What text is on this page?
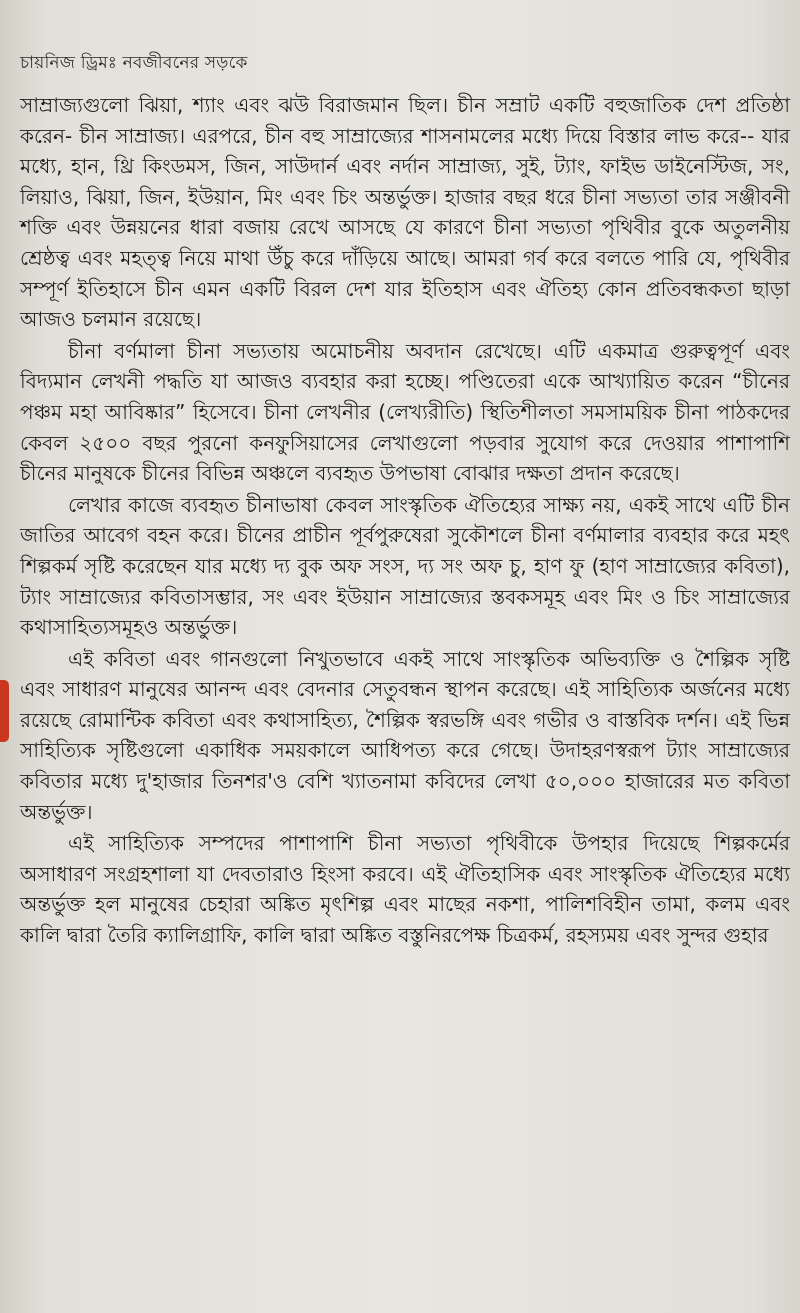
চায়নিজ ড্রিমঃ নবজীবনের সড়কে

সাম্রাজ্যগুলো ঝিয়া, শ্যাং এবং ঝউ বিরাজমান ছিল। চীন সম্রাট একটি বহুজাতিক দেশ প্রতিষ্ঠা করেন- চীন সাম্রাজ্য। এরপরে, চীন বহু সাম্রাজ্যের শাসনামলের মধ্যে দিয়ে বিস্তার লাভ করে-- যার মধ্যে, হান, থ্রি কিংডমস, জিন, সাউদার্ন এবং নর্দান সাম্রাজ্য, সুই, ট্যাং, ফাইভ ডাইনেস্টিজ, সং, লিয়াও, ঝিয়া, জিন, ইউয়ান, মিং এবং চিং অন্তর্ভুক্ত। হাজার বছর ধরে চীনা সভ্যতা তার সঞ্জীবনী শক্তি এবং উন্নয়নের ধারা বজায় রেখে আসছে যে কারণে চীনা সভ্যতা পৃথিবীর বুকে অতুলনীয় শ্রেষ্ঠত্ব এবং মহত্ত্ব নিয়ে মাথা উঁচু করে দাঁড়িয়ে আছে। আমরা গর্ব করে বলতে পারি যে, পৃথিবীর সম্পূর্ণ ইতিহাসে চীন এমন একটি বিরল দেশ যার ইতিহাস এবং ঐতিহ্য কোন প্রতিবন্ধকতা ছাড়া আজও চলমান রয়েছে।

চীনা বর্ণমালা চীনা সভ্যতায় অমোচনীয় অবদান রেখেছে। এটি একমাত্র গুরুত্বপূর্ণ এবং বিদ্যমান লেখনী পদ্ধতি যা আজও ব্যবহার করা হচ্ছে। পণ্ডিতেরা একে আখ্যায়িত করেন “চীনের পঞ্চম মহা আবিষ্কার” হিসেবে। চীনা লেখনীর (লেখ্যরীতি) স্থিতিশীলতা সমসাময়িক চীনা পাঠকদের কেবল ২৫০০ বছর পুরনো কনফুসিয়াসের লেখাগুলো পড়বার সুযোগ করে দেওয়ার পাশাপাশি চীনের মানুষকে চীনের বিভিন্ন অঞ্চলে ব্যবহৃত উপভাষা বোঝার দক্ষতা প্রদান করেছে।

লেখার কাজে ব্যবহৃত চীনাভাষা কেবল সাংস্কৃতিক ঐতিহ্যের সাক্ষ্য নয়, একই সাথে এটি চীন জাতির আবেগ বহন করে। চীনের প্রাচীন পূর্বপুরুষেরা সুকৌশলে চীনা বর্ণমালার ব্যবহার করে মহৎ শিল্পকর্ম সৃষ্টি করেছেন যার মধ্যে দ্য বুক অফ সংস, দ্য সং অফ চু, হাণ ফু (হাণ সাম্রাজ্যের কবিতা), ট্যাং সাম্রাজ্যের কবিতাসম্ভার, সং এবং ইউয়ান সাম্রাজ্যের স্তবকসমূহ এবং মিং ও চিং সাম্রাজ্যের কথাসাহিত্যসমূহও অন্তর্ভুক্ত।

এই কবিতা এবং গানগুলো নিখুতভাবে একই সাথে সাংস্কৃতিক অভিব্যক্তি ও শৈল্পিক সৃষ্টি এবং সাধারণ মানুষের আনন্দ এবং বেদনার সেতুবন্ধন স্থাপন করেছে। এই সাহিত্যিক অর্জনের মধ্যে রয়েছে রোমান্টিক কবিতা এবং কথাসাহিত্য, শৈল্পিক স্বরভঙ্গি এবং গভীর ও বাস্তবিক দর্শন। এই ভিন্ন সাহিত্যিক সৃষ্টিগুলো একাধিক সময়কালে আধিপত্য করে গেছে। উদাহরণস্বরূপ ট্যাং সাম্রাজ্যের কবিতার মধ্যে দু'হাজার তিনশর'ও বেশি খ্যাতনামা কবিদের লেখা ৫০,০০০ হাজারের মত কবিতা অন্তর্ভুক্ত।

এই সাহিত্যিক সম্পদের পাশাপাশি চীনা সভ্যতা পৃথিবীকে উপহার দিয়েছে শিল্পকর্মের অসাধারণ সংগ্রহশালা যা দেবতারাও হিংসা করবে। এই ঐতিহাসিক এবং সাংস্কৃতিক ঐতিহ্যের মধ্যে অন্তর্ভুক্ত হল মানুষের চেহারা অঙ্কিত মৃৎশিল্প এবং মাছের নকশা, পালিশবিহীন তামা, কলম এবং কালি দ্বারা তৈরি ক্যালিগ্রাফি, কালি দ্বারা অঙ্কিত বস্তুনিরপেক্ষ চিত্রকর্ম, রহস্যময় এবং সুন্দর গুহার
